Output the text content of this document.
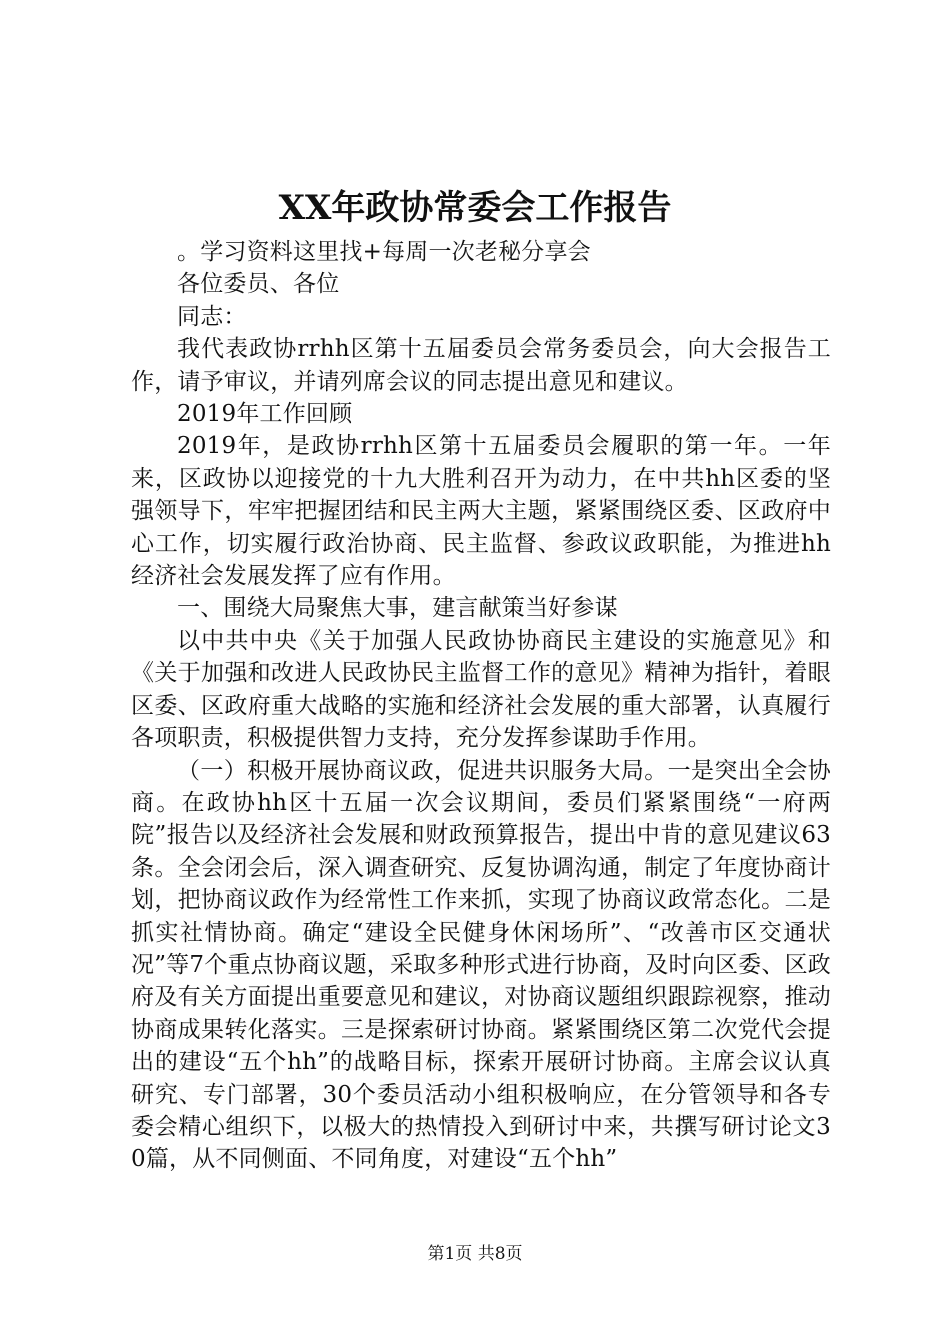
XX年政协常委会工作报告

。学习资料这里找+每周一次老秘分享会

各位委员、各位

同志：

我代表政协rrhh区第十五届委员会常务委员会，向大会报告工作，请予审议，并请列席会议的同志提出意见和建议。

2019年工作回顾

2019年，是政协rrhh区第十五届委员会履职的第一年。一年来，区政协以迎接党的十九大胜利召开为动力，在中共hh区委的坚强领导下，牢牢把握团结和民主两大主题，紧紧围绕区委、区政府中心工作，切实履行政治协商、民主监督、参政议政职能，为推进hh经济社会发展发挥了应有作用。

一、围绕大局聚焦大事，建言献策当好参谋

以中共中央《关于加强人民政协协商民主建设的实施意见》和《关于加强和改进人民政协民主监督工作的意见》精神为指针，着眼区委、区政府重大战略的实施和经济社会发展的重大部署，认真履行各项职责，积极提供智力支持，充分发挥参谋助手作用。

（一）积极开展协商议政，促进共识服务大局。一是突出全会协商。在政协hh区十五届一次会议期间，委员们紧紧围绕“一府两院”报告以及经济社会发展和财政预算报告，提出中肯的意见建议63条。全会闭会后，深入调查研究、反复协调沟通，制定了年度协商计划，把协商议政作为经常性工作来抓，实现了协商议政常态化。二是抓实社情协商。确定“建设全民健身休闲场所”、“改善市区交通状况”等7个重点协商议题，采取多种形式进行协商，及时向区委、区政府及有关方面提出重要意见和建议，对协商议题组织跟踪视察，推动协商成果转化落实。三是探索研讨协商。紧紧围绕区第二次党代会提出的建设“五个hh”的战略目标，探索开展研讨协商。主席会议认真研究、专门部署，30个委员活动小组积极响应，在分管领导和各专委会精心组织下，以极大的热情投入到研讨中来，共撰写研讨论文30篇，从不同侧面、不同角度，对建设“五个hh”

第1页 共8页
